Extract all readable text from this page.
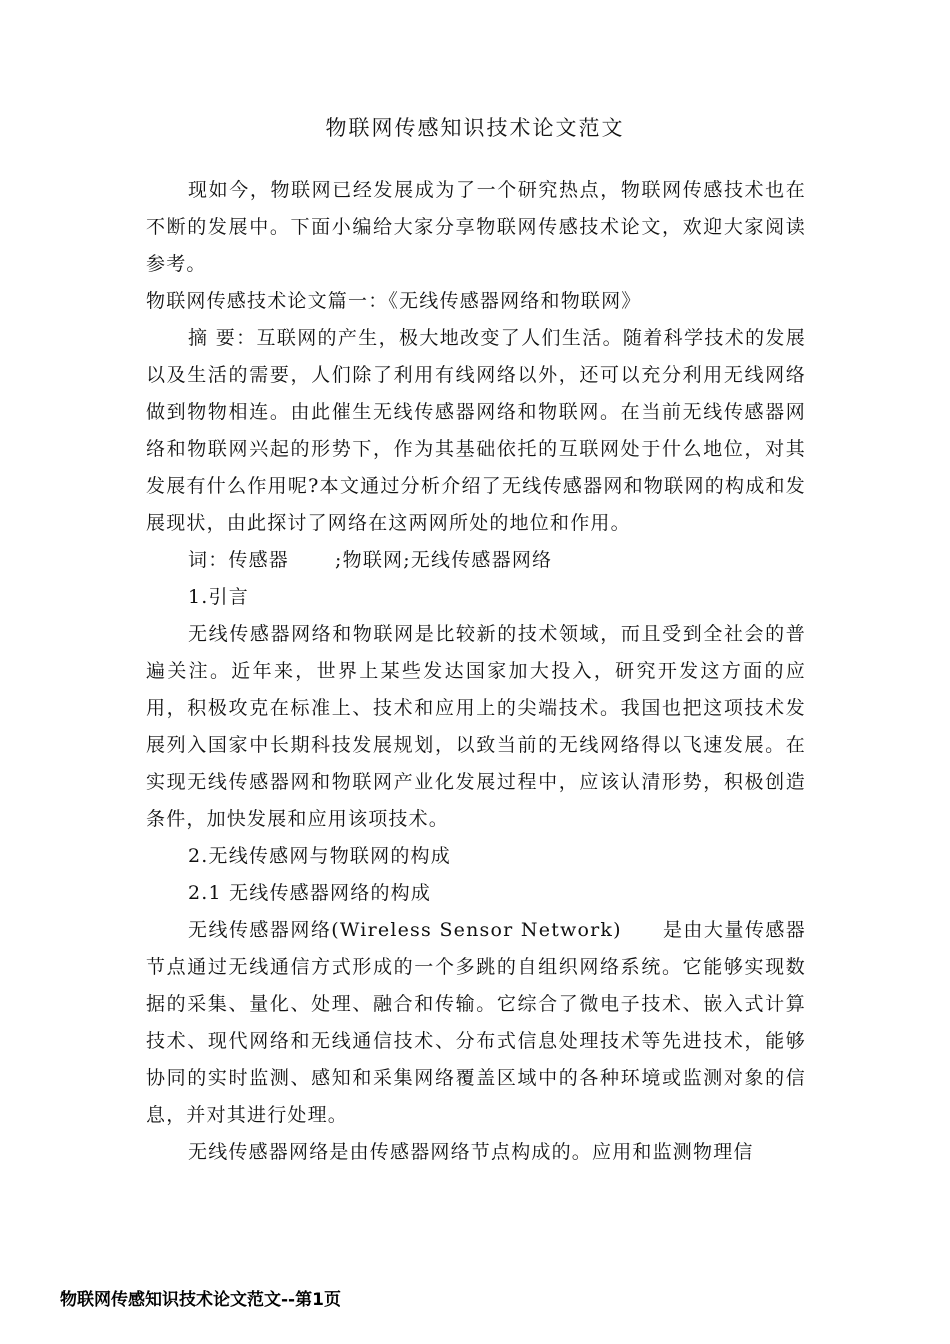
物联网传感知识技术论文范文

现如今，物联网已经发展成为了一个研究热点，物联网传感技术也在不断的发展中。下面小编给大家分享物联网传感技术论文，欢迎大家阅读参考。

物联网传感技术论文篇一：《无线传感器网络和物联网》

摘 要：互联网的产生，极大地改变了人们生活。随着科学技术的发展以及生活的需要，人们除了利用有线网络以外，还可以充分利用无线网络做到物物相连。由此催生无线传感器网络和物联网。在当前无线传感器网络和物联网兴起的形势下，作为其基础依托的互联网处于什么地位，对其发展有什么作用呢?本文通过分析介绍了无线传感器网和物联网的构成和发展现状，由此探讨了网络在这两网所处的地位和作用。

词：传感器 ;物联网;无线传感器网络

1.引言

无线传感器网络和物联网是比较新的技术领域，而且受到全社会的普遍关注。近年来，世界上某些发达国家加大投入，研究开发这方面的应用，积极攻克在标准上、技术和应用上的尖端技术。我国也把这项技术发展列入国家中长期科技发展规划，以致当前的无线网络得以飞速发展。在实现无线传感器网和物联网产业化发展过程中，应该认清形势，积极创造条件，加快发展和应用该项技术。

2.无线传感网与物联网的构成

2.1 无线传感器网络的构成

无线传感器网络(Wireless Sensor Network)　　是由大量传感器节点通过无线通信方式形成的一个多跳的自组织网络系统。它能够实现数据的采集、量化、处理、融合和传输。它综合了微电子技术、嵌入式计算技术、现代网络和无线通信技术、分布式信息处理技术等先进技术，能够协同的实时监测、感知和采集网络覆盖区域中的各种环境或监测对象的信息，并对其进行处理。

无线传感器网络是由传感器网络节点构成的。应用和监测物理信

物联网传感知识技术论文范文--第1页
